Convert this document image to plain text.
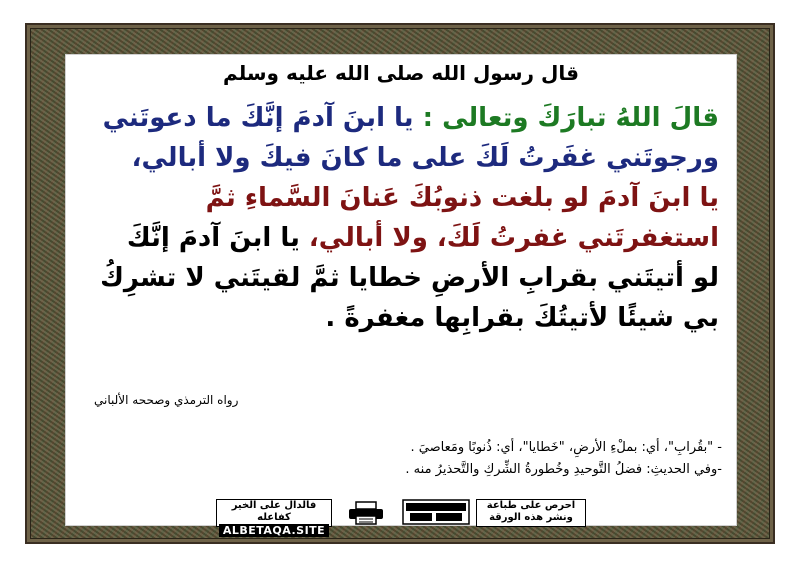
قال رسول الله صلى الله عليه وسلم
قالَ اللهُ تبارَكَ وتعالى : يا ابنَ آدمَ إنَّكَ ما دعوتَني
ورجوتَني غفَرتُ لَكَ على ما كانَ فيكَ ولا أبالي،
يا ابنَ آدمَ لو بلغت ذنوبُكَ عَنانَ السَّماءِ ثمَّ
استغفرتَني غفرتُ لَكَ، ولا أبالي، يا ابنَ آدمَ إنَّكَ
لو أتيتَني بقرابِ الأرضِ خطايا ثمَّ لقيتَني لا تشرِكُ
بي شيئًا لأتيتُكَ بقرابِها مغفرةً .
رواه الترمذي وصححه الألباني
- "بقُرابِ"، أي: بملْءِ الأرضِ، "خَطايا"، أي: ذُنوبًا ومَعاصيَ .
-وفي الحديثِ: فضلُ التَّوحيدِ وخُطورةُ الشِّركِ والتَّحذيرُ منه .
فالدال على الخير كفاعله
ALBETAQA.SITE
احرص على طباعة
ونشر هذه الورقة
